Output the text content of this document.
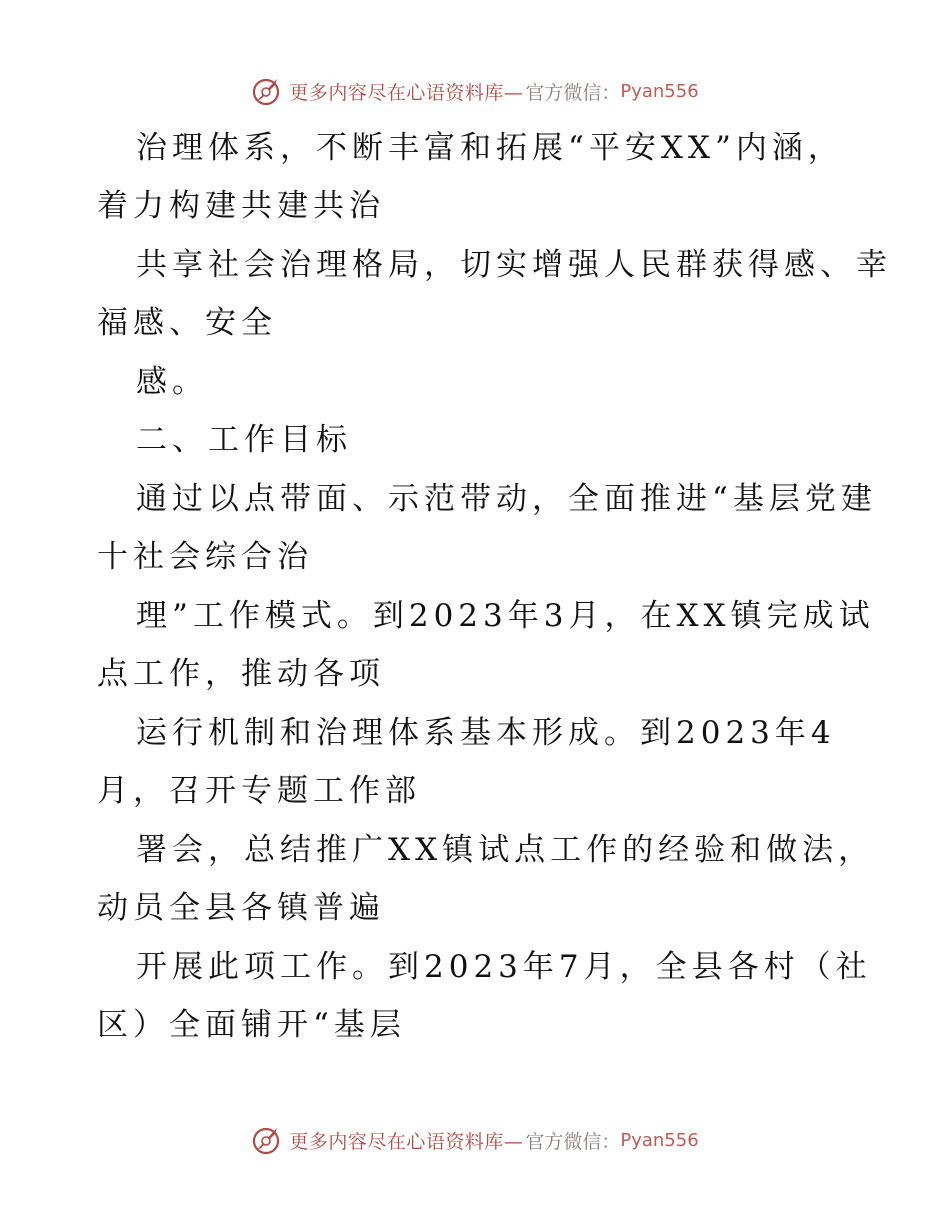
更多内容尽在心语资料库— 官方微信： Pyan556
治理体系，不断丰富和拓展“平安XX”内涵，
着力构建共建共治
共享社会治理格局，切实增强人民群获得感、幸
福感、安全
感。
二、工作目标
通过以点带面、示范带动，全面推进“基层党建
十社会综合治
理”工作模式。到2023年3月，在XX镇完成试
点工作，推动各项
运行机制和治理体系基本形成。到2023年4
月，召开专题工作部
署会，总结推广XX镇试点工作的经验和做法，
动员全县各镇普遍
开展此项工作。到2023年7月，全县各村（社
区）全面铺开“基层
更多内容尽在心语资料库— 官方微信： Pyan556
